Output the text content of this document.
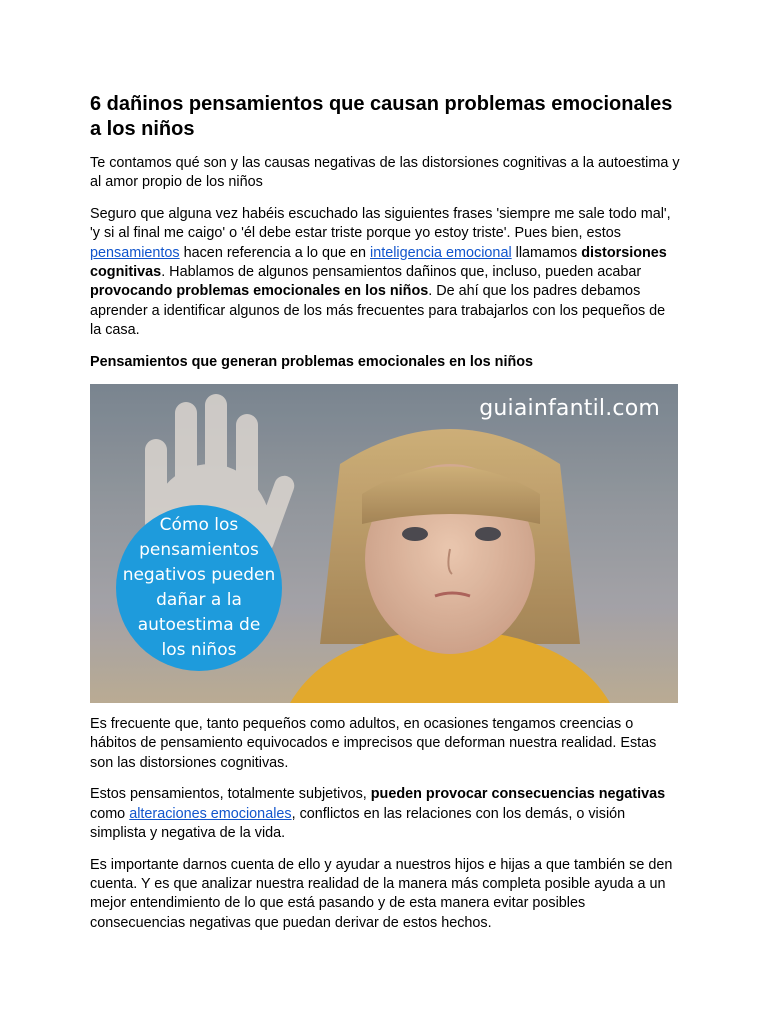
6 dañinos pensamientos que causan problemas emocionales a los niños

Te contamos qué son y las causas negativas de las distorsiones cognitivas a la autoestima y al amor propio de los niños

Seguro que alguna vez habéis escuchado las siguientes frases 'siempre me sale todo mal', 'y si al final me caigo' o 'él debe estar triste porque yo estoy triste'. Pues bien, estos pensamientos hacen referencia a lo que en inteligencia emocional llamamos distorsiones cognitivas. Hablamos de algunos pensamientos dañinos que, incluso, pueden acabar provocando problemas emocionales en los niños. De ahí que los padres debamos aprender a identificar algunos de los más frecuentes para trabajarlos con los pequeños de la casa.

Pensamientos que generan problemas emocionales en los niños
guiainfantil.com
Cómo los
pensamientos
negativos pueden
dañar a la
autoestima de
los niños

Es frecuente que, tanto pequeños como adultos, en ocasiones tengamos creencias o hábitos de pensamiento equivocados e imprecisos que deforman nuestra realidad. Estas son las distorsiones cognitivas.

Estos pensamientos, totalmente subjetivos, pueden provocar consecuencias negativas como alteraciones emocionales, conflictos en las relaciones con los demás, o visión simplista y negativa de la vida.

Es importante darnos cuenta de ello y ayudar a nuestros hijos e hijas a que también se den cuenta. Y es que analizar nuestra realidad de la manera más completa posible ayuda a un mejor entendimiento de lo que está pasando y de esta manera evitar posibles consecuencias negativas que puedan derivar de estos hechos.
